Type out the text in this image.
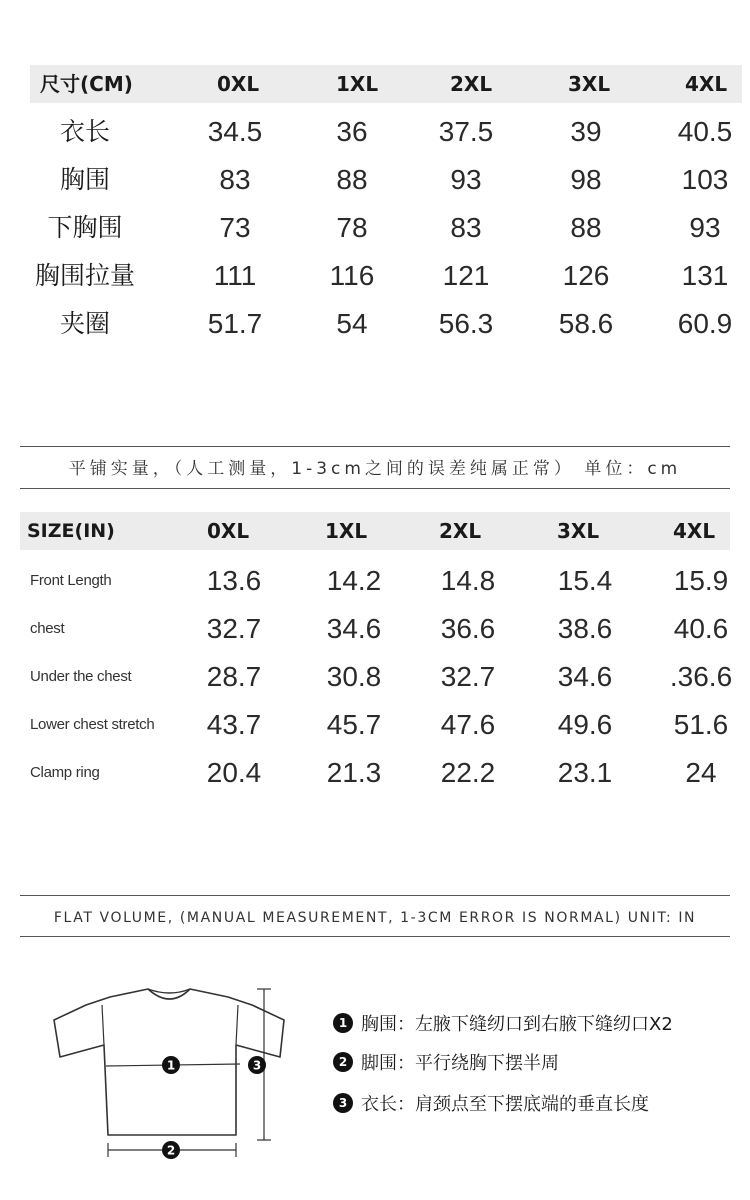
尺寸(CM)	0XL	1XL	2XL	3XL	4XL
衣长	34.5	36	37.5	39	40.5
胸围	83	88	93	98	103
下胸围	73	78	83	88	93
胸围拉量	111	116	121	126	131
夹圈	51.7	54	56.3	58.6	60.9
平铺实量，（人工测量，1-3cm之间的误差纯属正常） 单位：cm
SIZE(IN)	0XL	1XL	2XL	3XL	4XL
Front Length	13.6	14.2	14.8	15.4	15.9
chest	32.7	34.6	36.6	38.6	40.6
Under the chest	28.7	30.8	32.7	34.6	.36.6
Lower chest stretch	43.7	45.7	47.6	49.6	51.6
Clamp ring	20.4	21.3	22.2	23.1	24
FLAT VOLUME, (MANUAL MEASUREMENT, 1-3CM ERROR IS NORMAL) UNIT: IN
1
2
3
1 胸围：左腋下缝纫口到右腋下缝纫口X2
2 脚围：平行绕胸下摆半周
3 衣长：肩颈点至下摆底端的垂直长度
